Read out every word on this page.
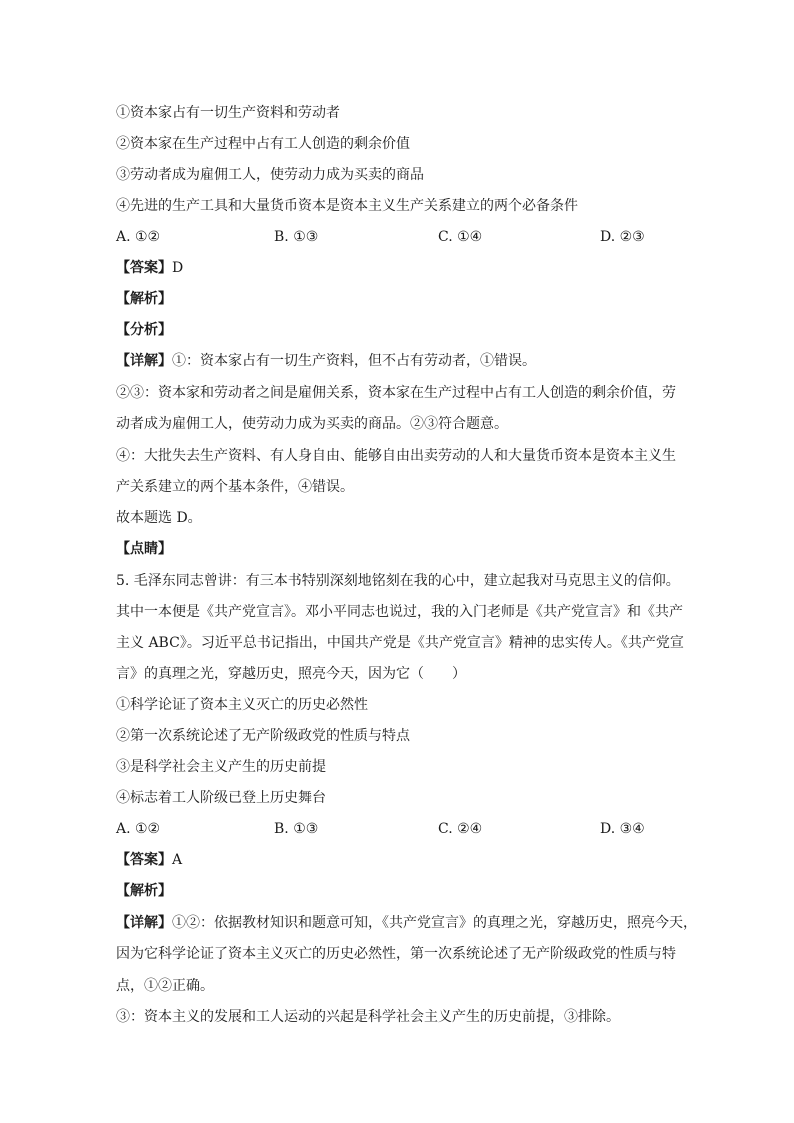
①资本家占有一切生产资料和劳动者
②资本家在生产过程中占有工人创造的剩余价值
③劳动者成为雇佣工人，使劳动力成为买卖的商品
④先进的生产工具和大量货币资本是资本主义生产关系建立的两个必备条件
A. ①②	B. ①③	C. ①④	D. ②③
【答案】D
【解析】
【分析】
【详解】①：资本家占有一切生产资料，但不占有劳动者，①错误。
②③：资本家和劳动者之间是雇佣关系，资本家在生产过程中占有工人创造的剩余价值，劳
动者成为雇佣工人，使劳动力成为买卖的商品。②③符合题意。
④：大批失去生产资料、有人身自由、能够自由出卖劳动的人和大量货币资本是资本主义生
产关系建立的两个基本条件，④错误。
故本题选 D。
【点睛】
5. 毛泽东同志曾讲：有三本书特别深刻地铭刻在我的心中，建立起我对马克思主义的信仰。
其中一本便是《共产党宣言》。邓小平同志也说过，我的入门老师是《共产党宣言》和《共产
主义 ABC》。习近平总书记指出，中国共产党是《共产党宣言》精神的忠实传人。《共产党宣
言》的真理之光，穿越历史，照亮今天，因为它（　　）
①科学论证了资本主义灭亡的历史必然性
②第一次系统论述了无产阶级政党的性质与特点
③是科学社会主义产生的历史前提
④标志着工人阶级已登上历史舞台
A. ①②	B. ①③	C. ②④	D. ③④
【答案】A
【解析】
【详解】①②：依据教材知识和题意可知，《共产党宣言》的真理之光，穿越历史，照亮今天，
因为它科学论证了资本主义灭亡的历史必然性，第一次系统论述了无产阶级政党的性质与特
点，①②正确。
③：资本主义的发展和工人运动的兴起是科学社会主义产生的历史前提，③排除。
